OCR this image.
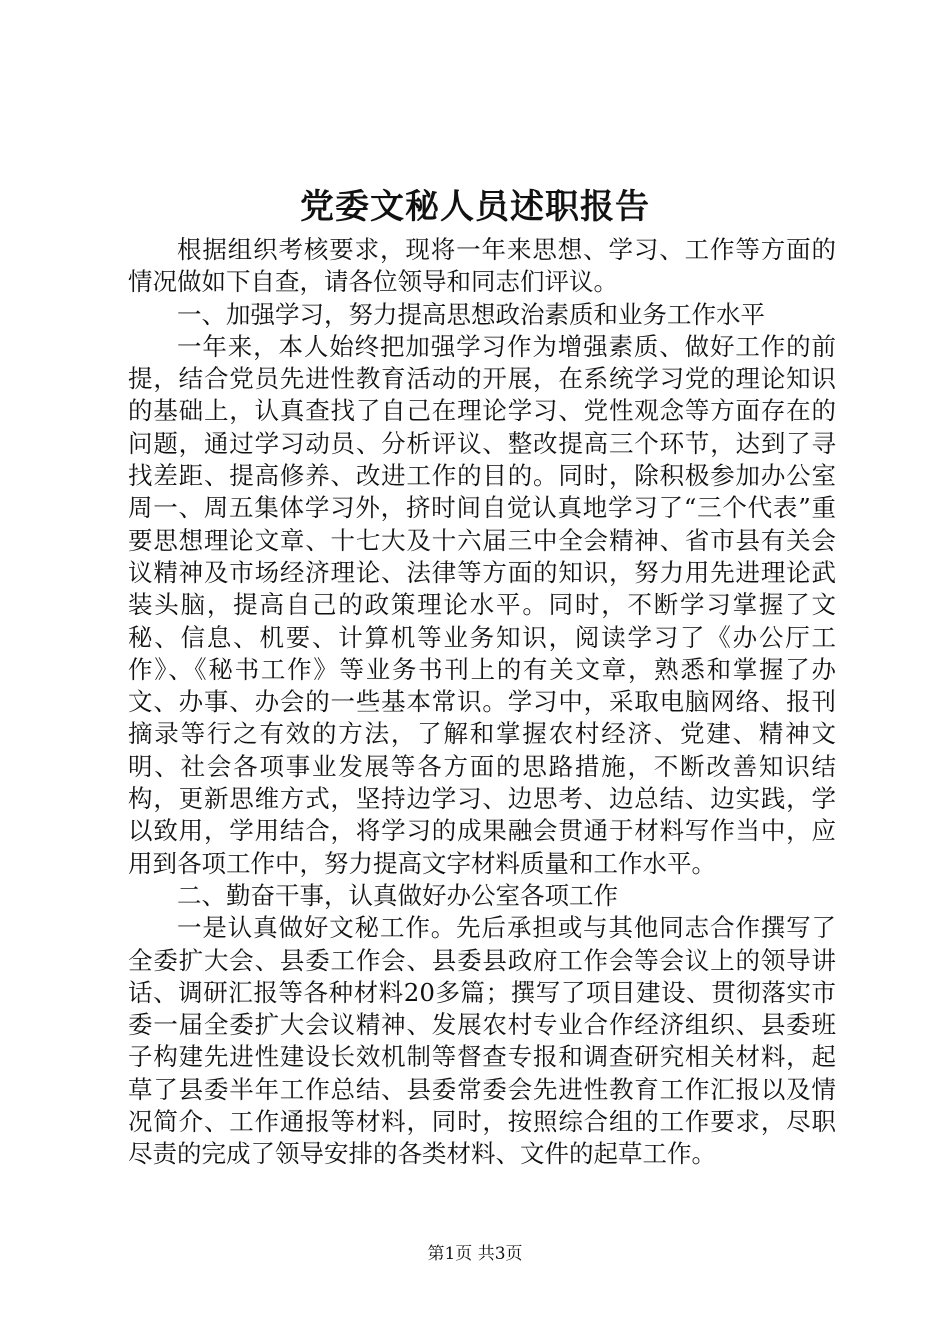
党委文秘人员述职报告

根据组织考核要求，现将一年来思想、学习、工作等方面的情况做如下自查，请各位领导和同志们评议。

一、加强学习，努力提高思想政治素质和业务工作水平

一年来，本人始终把加强学习作为增强素质、做好工作的前提，结合党员先进性教育活动的开展，在系统学习党的理论知识的基础上，认真查找了自己在理论学习、党性观念等方面存在的问题，通过学习动员、分析评议、整改提高三个环节，达到了寻找差距、提高修养、改进工作的目的。同时，除积极参加办公室周一、周五集体学习外，挤时间自觉认真地学习了“三个代表”重要思想理论文章、十七大及十六届三中全会精神、省市县有关会议精神及市场经济理论、法律等方面的知识，努力用先进理论武装头脑，提高自己的政策理论水平。同时，不断学习掌握了文秘、信息、机要、计算机等业务知识，阅读学习了《办公厅工作》、《秘书工作》等业务书刊上的有关文章，熟悉和掌握了办文、办事、办会的一些基本常识。学习中，采取电脑网络、报刊摘录等行之有效的方法，了解和掌握农村经济、党建、精神文明、社会各项事业发展等各方面的思路措施，不断改善知识结构，更新思维方式，坚持边学习、边思考、边总结、边实践，学以致用，学用结合，将学习的成果融会贯通于材料写作当中，应用到各项工作中，努力提高文字材料质量和工作水平。

二、勤奋干事，认真做好办公室各项工作

一是认真做好文秘工作。先后承担或与其他同志合作撰写了全委扩大会、县委工作会、县委县政府工作会等会议上的领导讲话、调研汇报等各种材料20多篇；撰写了项目建设、贯彻落实市委一届全委扩大会议精神、发展农村专业合作经济组织、县委班子构建先进性建设长效机制等督查专报和调查研究相关材料，起草了县委半年工作总结、县委常委会先进性教育工作汇报以及情况简介、工作通报等材料，同时，按照综合组的工作要求，尽职尽责的完成了领导安排的各类材料、文件的起草工作。

第1页 共3页
